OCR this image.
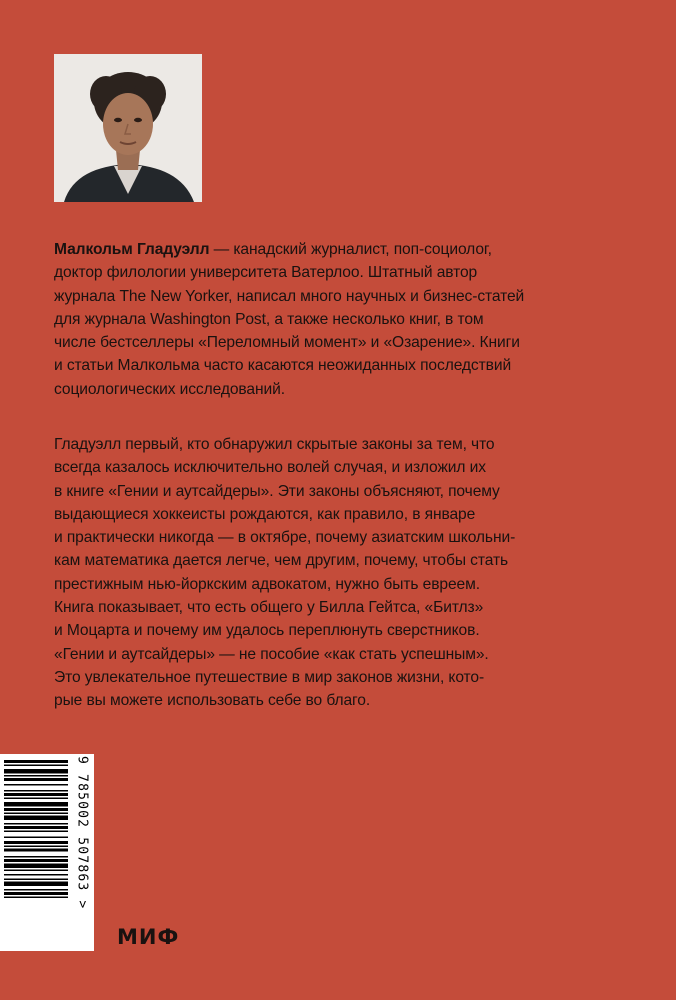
Малкольм Гладуэлл — канадский журналист, поп-социолог,
доктор филологии университета Ватерлоо. Штатный автор
журнала The New Yorker, написал много научных и бизнес-статей
для журнала Washington Post, а также несколько книг, в том
числе бестселлеры «Переломный момент» и «Озарение». Книги
и статьи Малкольма часто касаются неожиданных последствий
социологических исследований.

Гладуэлл первый, кто обнаружил скрытые законы за тем, что
всегда казалось исключительно волей случая, и изложил их
в книге «Гении и аутсайдеры». Эти законы объясняют, почему
выдающиеся хоккеисты рождаются, как правило, в январе
и практически никогда — в октябре, почему азиатским школьни-
кам математика дается легче, чем другим, почему, чтобы стать
престижным нью-йоркским адвокатом, нужно быть евреем.
Книга показывает, что есть общего у Билла Гейтса, «Битлз»
и Моцарта и почему им удалось переплюнуть сверстников.
«Гении и аутсайдеры» — не пособие «как стать успешным».
Это увлекательное путешествие в мир законов жизни, кото-
рые вы можете использовать себе во благо.

9 785002 507863 >
МИФ
